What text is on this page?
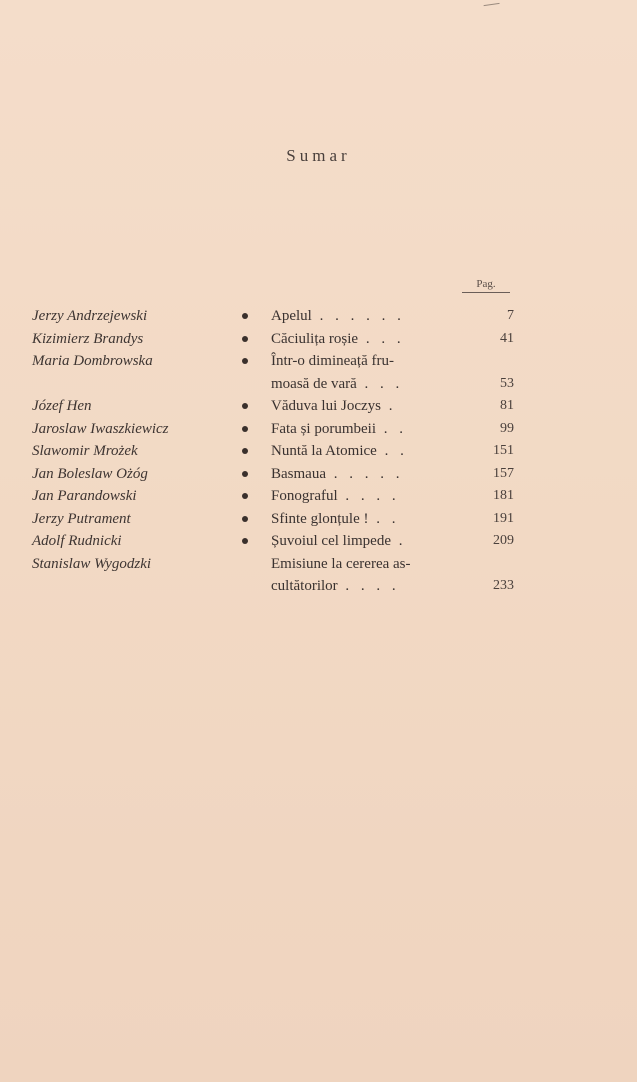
Sumar
Pag.
Jerzy Andrzejewski	Apelul . . . . . .	7
Kizimierz Brandys	Căciulița roșie . . .	41
Maria Dombrowska	Într-o dimineață fru-
moasă de vară . . .	53
Józef Hen	Văduva lui Joczys .	81
Jaroslaw Iwaszkiewicz	Fata și porumbeii . .	99
Slawomir Mrożek	Nuntă la Atomice . .	151
Jan Boleslaw Ożóg	Basmaua . . . . .	157
Jan Parandowski	Fonograful . . . .	181
Jerzy Putrament	Sfinte glonțule ! . .	191
Adolf Rudnicki	Șuvoiul cel limpede .	209
Stanislaw Wygodzki	Emisiune la cererea as-
cultătorilor . . . .	233
